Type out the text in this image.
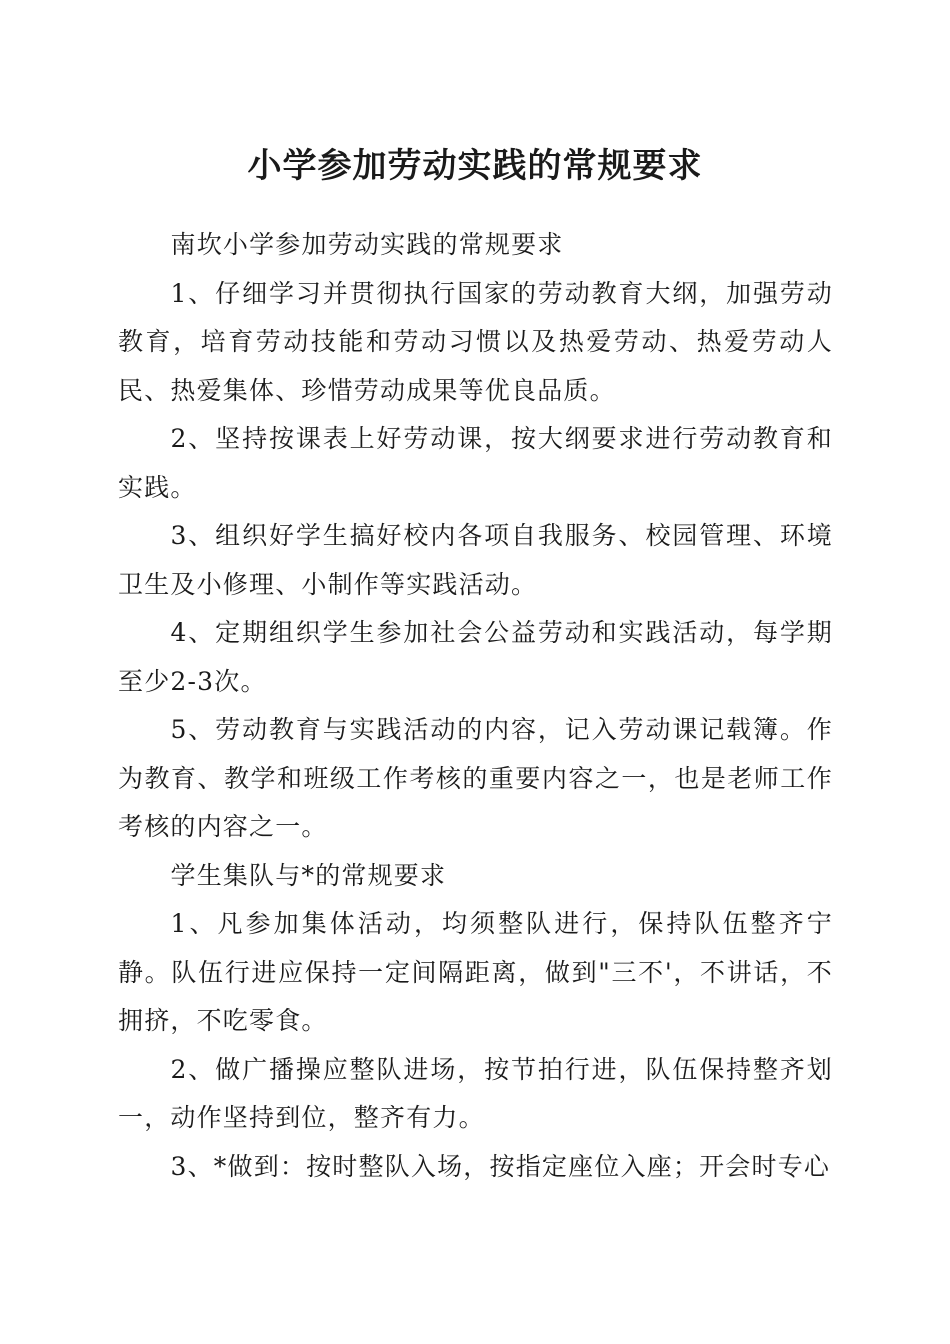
小学参加劳动实践的常规要求

南坎小学参加劳动实践的常规要求

1、仔细学习并贯彻执行国家的劳动教育大纲，加强劳动教育，培育劳动技能和劳动习惯以及热爱劳动、热爱劳动人民、热爱集体、珍惜劳动成果等优良品质。

2、坚持按课表上好劳动课，按大纲要求进行劳动教育和实践。

3、组织好学生搞好校内各项自我服务、校园管理、环境卫生及小修理、小制作等实践活动。

4、定期组织学生参加社会公益劳动和实践活动，每学期至少2-3次。

5、劳动教育与实践活动的内容，记入劳动课记载簿。作为教育、教学和班级工作考核的重要内容之一，也是老师工作考核的内容之一。

学生集队与*的常规要求

1、凡参加集体活动，均须整队进行，保持队伍整齐宁静。队伍行进应保持一定间隔距离，做到"三不'，不讲话，不拥挤，不吃零食。

2、做广播操应整队进场，按节拍行进，队伍保持整齐划一，动作坚持到位，整齐有力。

3、*做到：按时整队入场，按指定座位入座；开会时专心
